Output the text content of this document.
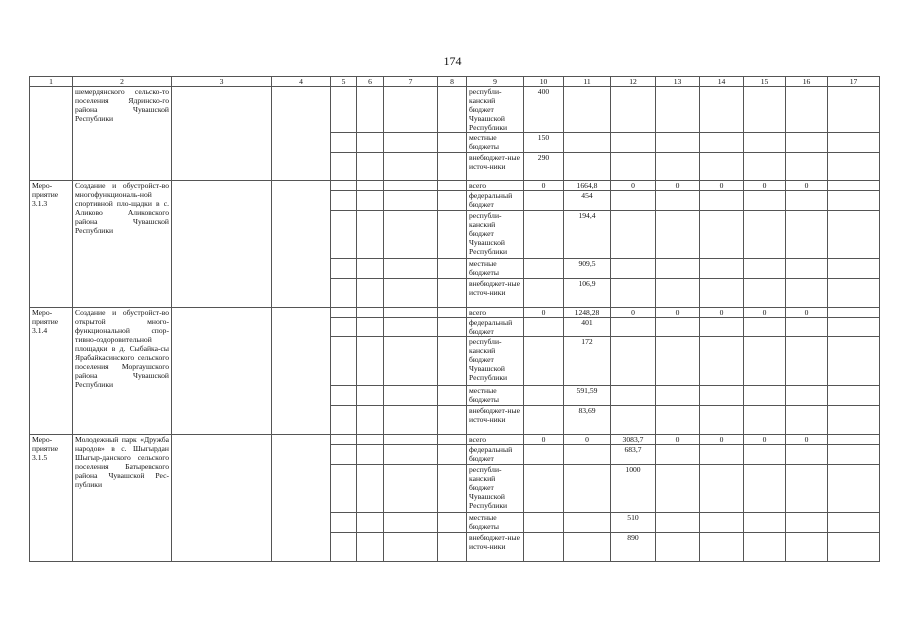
174
1	2	3	4	5	6	7	8	9	10	11	12	13	14	15	16	17
	шемердянского сельско-то поселения Ядринско-го района Чувашской Республики							республи-канский бюджет Чувашской Республики	400							
								местные бюджеты	150							
								внебюджет-ные источ-ники	290							
Меро-приятие 3.1.3	Создание и обустройст-во многофункциональ-ной спортивной пло-щадки в с. Аликово Аликовского района Чувашской Республики							всего	0	1664,8	0	0	0	0	0	
								федеральный бюджет		454						
								республи-канский бюджет Чувашской Республики		194,4						
								местные бюджеты		909,5						
								внебюджет-ные источ-ники		106,9						
Меро-приятие 3.1.4	Создание и обустройст-во открытой много-функциональной спор-тивно-оздоровительной площадки в д. Сыбайка-сы Ярабайкасинского сельского поселения Моргаушского района Чувашской Республики							всего	0	1248,28	0	0	0	0	0	
								федеральный бюджет		401						
								республи-канский бюджет Чувашской Республики		172						
								местные бюджеты		591,59						
								внебюджет-ные источ-ники		83,69						
Меро-приятие 3.1.5	Молодежный парк «Дружба народов» в с. Шыгырдан Шыгыр-данского сельского поселения Батыревского района Чувашской Рес-публики							всего	0	0	3083,7	0	0	0	0	
								федеральный бюджет			683,7					
								республи-канский бюджет Чувашской Республики			1000					
								местные бюджеты			510					
								внебюджет-ные источ-ники			890					
